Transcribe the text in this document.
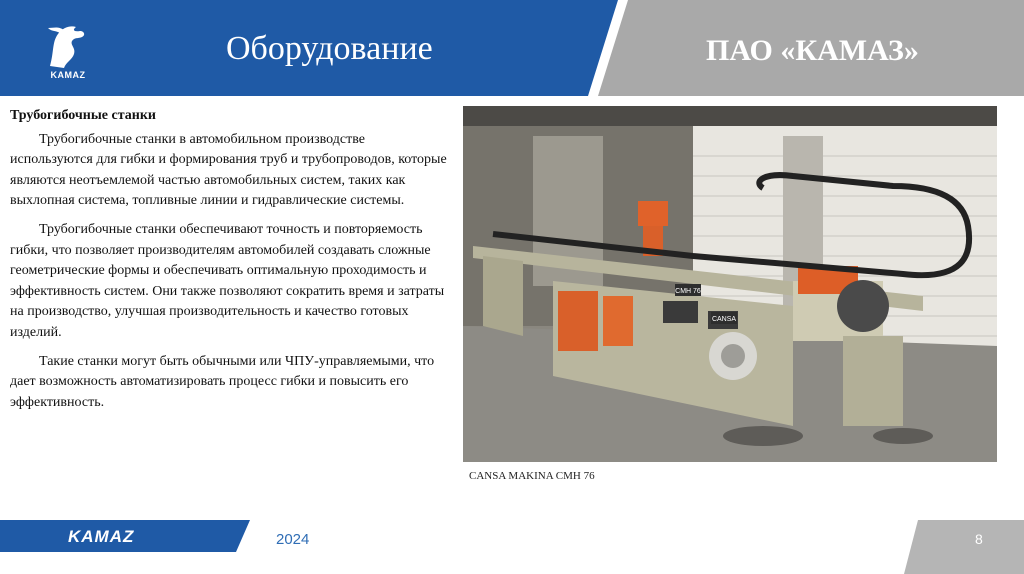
KAMAZ
Оборудование	ПАО «КАМАЗ»

Трубогибочные станки

Трубогибочные станки в автомобильном производстве используются для гибки и формирования труб и трубопроводов, которые являются неотъемлемой частью автомобильных систем, таких как выхлопная система, топливные линии и гидравлические системы.

Трубогибочные станки обеспечивают точность и повторяемость гибки, что позволяет производителям автомобилей создавать сложные геометрические формы и обеспечивать оптимальную проходимость и эффективность систем. Они также позволяют сократить время и затраты на производство, улучшая производительность и качество готовых изделий.

Такие станки могут быть обычными или ЧПУ-управляемыми, что дает возможность автоматизировать процесс гибки и повысить его эффективность.

CMH 76
CANSA
CANSA MAKINA CMH 76
KAMAZ	2024	8
